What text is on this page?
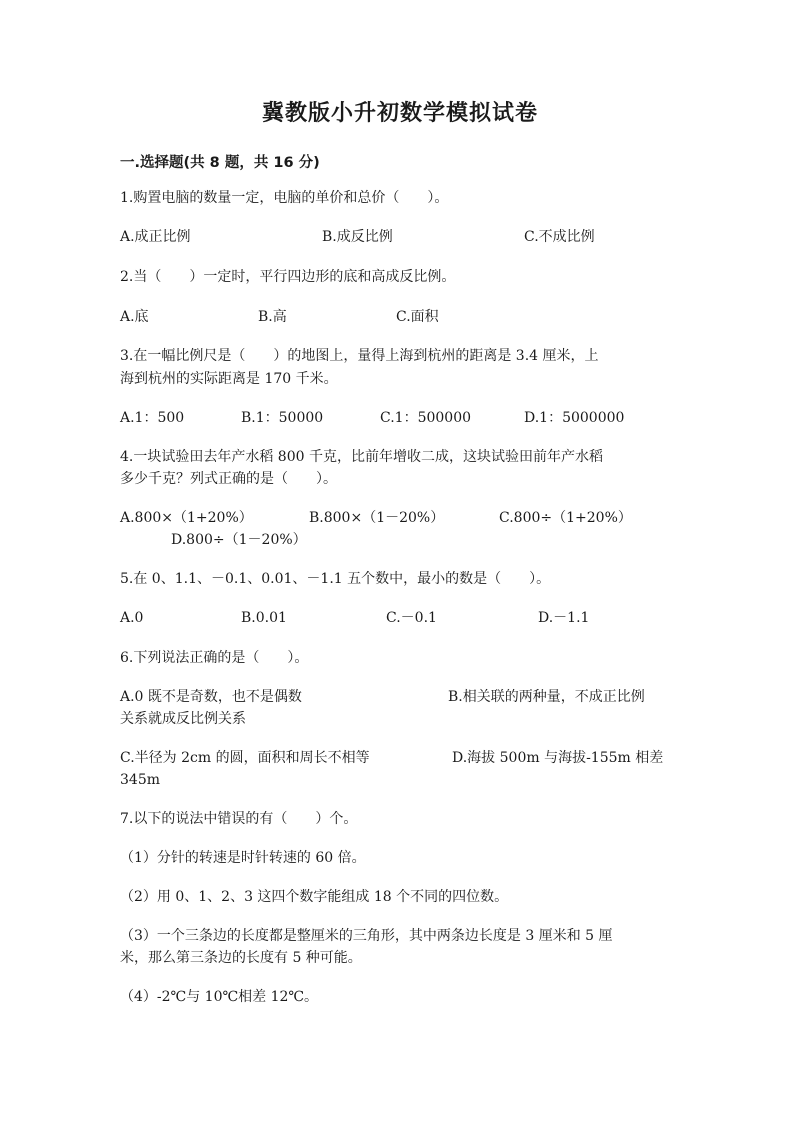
冀教版小升初数学模拟试卷
一.选择题(共 8 题，共 16 分)
1.购置电脑的数量一定，电脑的单价和总价（　　）。
A.成正比例	B.成反比例	C.不成比例
2.当（　　）一定时，平行四边形的底和高成反比例。
A.底	B.高	C.面积
3.在一幅比例尺是（　　）的地图上，量得上海到杭州的距离是 3.4 厘米，上
海到杭州的实际距离是 170 千米。
A.1：500	B.1：50000	C.1：500000	D.1：5000000
4.一块试验田去年产水稻 800 千克，比前年增收二成，这块试验田前年产水稻
多少千克？列式正确的是（　　）。
A.800×（1+20%）	B.800×（1－20%）	C.800÷（1+20%）
D.800÷（1－20%）
5.在 0、1.1、－0.1、0.01、－1.1 五个数中，最小的数是（　　）。
A.0	B.0.01	C.－0.1	D.－1.1
6.下列说法正确的是（　　）。
A.0 既不是奇数，也不是偶数	B.相关联的两种量，不成正比例
关系就成反比例关系
C.半径为 2cm 的圆，面积和周长不相等	D.海拔 500m 与海拔-155m 相差
345m
7.以下的说法中错误的有（　　）个。
（1）分针的转速是时针转速的 60 倍。
（2）用 0、1、2、3 这四个数字能组成 18 个不同的四位数。
（3）一个三条边的长度都是整厘米的三角形，其中两条边长度是 3 厘米和 5 厘
米，那么第三条边的长度有 5 种可能。
（4）-2℃与 10℃相差 12℃。
